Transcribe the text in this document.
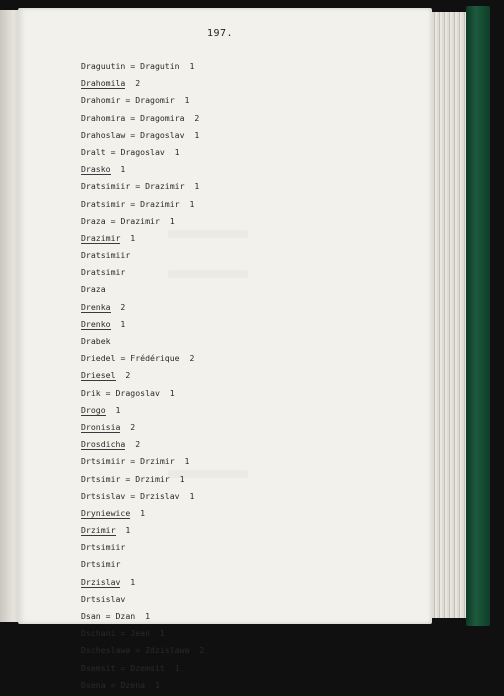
197.
Draguutin = Dragutin  1
Drahomila  2
Drahomir = Dragomir  1
Drahomira = Dragomira  2
Drahoslaw = Dragoslav  1
Dralt = Dragoslav  1
Drasko  1
Dratsimiir = Drazimir  1
Dratsimir = Drazimir  1
Draza = Drazimir  1
Drazimir  1
Dratsimiir
Dratsimir
Draza
Drenka  2
Drenko  1
Drabek
Driedel = Frédérique  2
Driesel  2
Drik = Dragoslav  1
Drogo  1
Dronisia  2
Drosdicha  2
Drtsimiir = Drzimir  1
Drtsimir = Drzimir  1
Drtsislav = Drzislav  1
Dryniewice  1
Drzimir  1
Drtsimiir
Drtsimir
Drzislav  1
Drtsislav
Dsan = Dzan  1
Dschani = Jean  1
Dscheslawa = Zdzislawa  2
Dsemsit = Dzemsit  1
Dsena = Dzena  1
